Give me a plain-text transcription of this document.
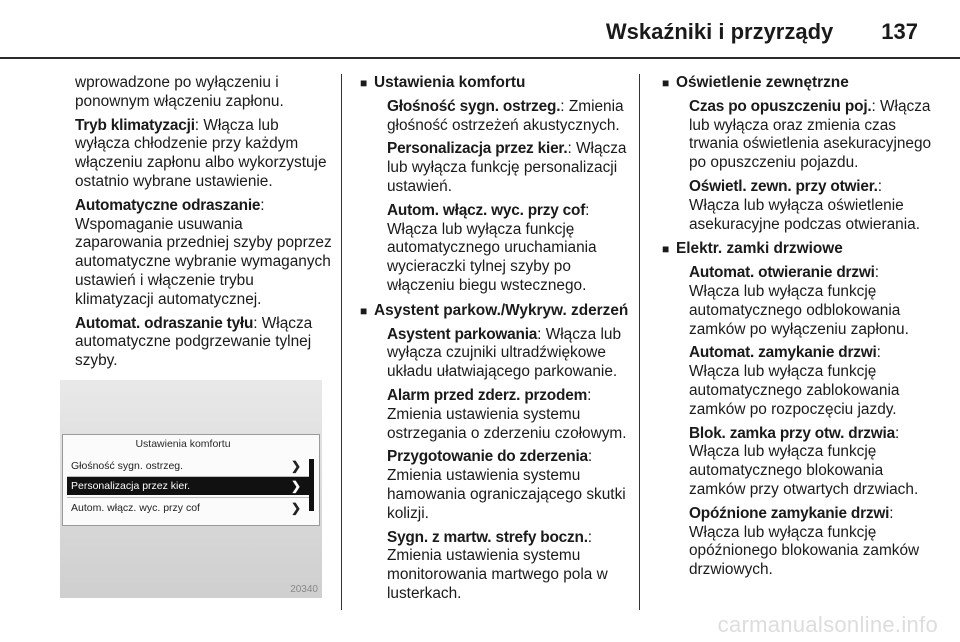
Wskaźniki i przyrządy 137

wprowadzone po wyłączeniu i ponownym włączeniu zapłonu.

Tryb klimatyzacji: Włącza lub wyłącza chłodzenie przy każdym włączeniu zapłonu albo wykorzystuje ostatnio wybrane ustawienie.

Automatyczne odraszanie: Wspomaganie usuwania zaparowania przedniej szyby poprzez automatyczne wybranie wymaganych ustawień i włączenie trybu klimatyzacji automatycznej.

Automat. odraszanie tyłu: Włącza automatyczne podgrzewanie tylnej szyby.

Ustawienia komfortu
Głośność sygn. ostrzeg.	❯
Personalizacja przez kier.	❯
Autom. włącz. wyc. przy cof	❯
20340

■ Ustawienia komfortu

Głośność sygn. ostrzeg.: Zmienia głośność ostrzeżeń akustycznych.

Personalizacja przez kier.: Włącza lub wyłącza funkcję personalizacji ustawień.

Autom. włącz. wyc. przy cof: Włącza lub wyłącza funkcję automatycznego uruchamiania wycieraczki tylnej szyby po włączeniu biegu wstecznego.

■ Asystent parkow./Wykryw. zderzeń

Asystent parkowania: Włącza lub wyłącza czujniki ultradźwiękowe układu ułatwiającego parkowanie.

Alarm przed zderz. przodem: Zmienia ustawienia systemu ostrzegania o zderzeniu czołowym.

Przygotowanie do zderzenia: Zmienia ustawienia systemu hamowania ograniczającego skutki kolizji.

Sygn. z martw. strefy boczn.: Zmienia ustawienia systemu monitorowania martwego pola w lusterkach.

■ Oświetlenie zewnętrzne

Czas po opuszczeniu poj.: Włącza lub wyłącza oraz zmienia czas trwania oświetlenia asekuracyjnego po opuszczeniu pojazdu.

Oświetl. zewn. przy otwier.: Włącza lub wyłącza oświetlenie asekuracyjne podczas otwierania.

■ Elektr. zamki drzwiowe

Automat. otwieranie drzwi: Włącza lub wyłącza funkcję automatycznego odblokowania zamków po wyłączeniu zapłonu.

Automat. zamykanie drzwi: Włącza lub wyłącza funkcję automatycznego zablokowania zamków po rozpoczęciu jazdy.

Blok. zamka przy otw. drzwia: Włącza lub wyłącza funkcję automatycznego blokowania zamków przy otwartych drzwiach.

Opóźnione zamykanie drzwi: Włącza lub wyłącza funkcję opóźnionego blokowania zamków drzwiowych.

carmanualsonline.info
